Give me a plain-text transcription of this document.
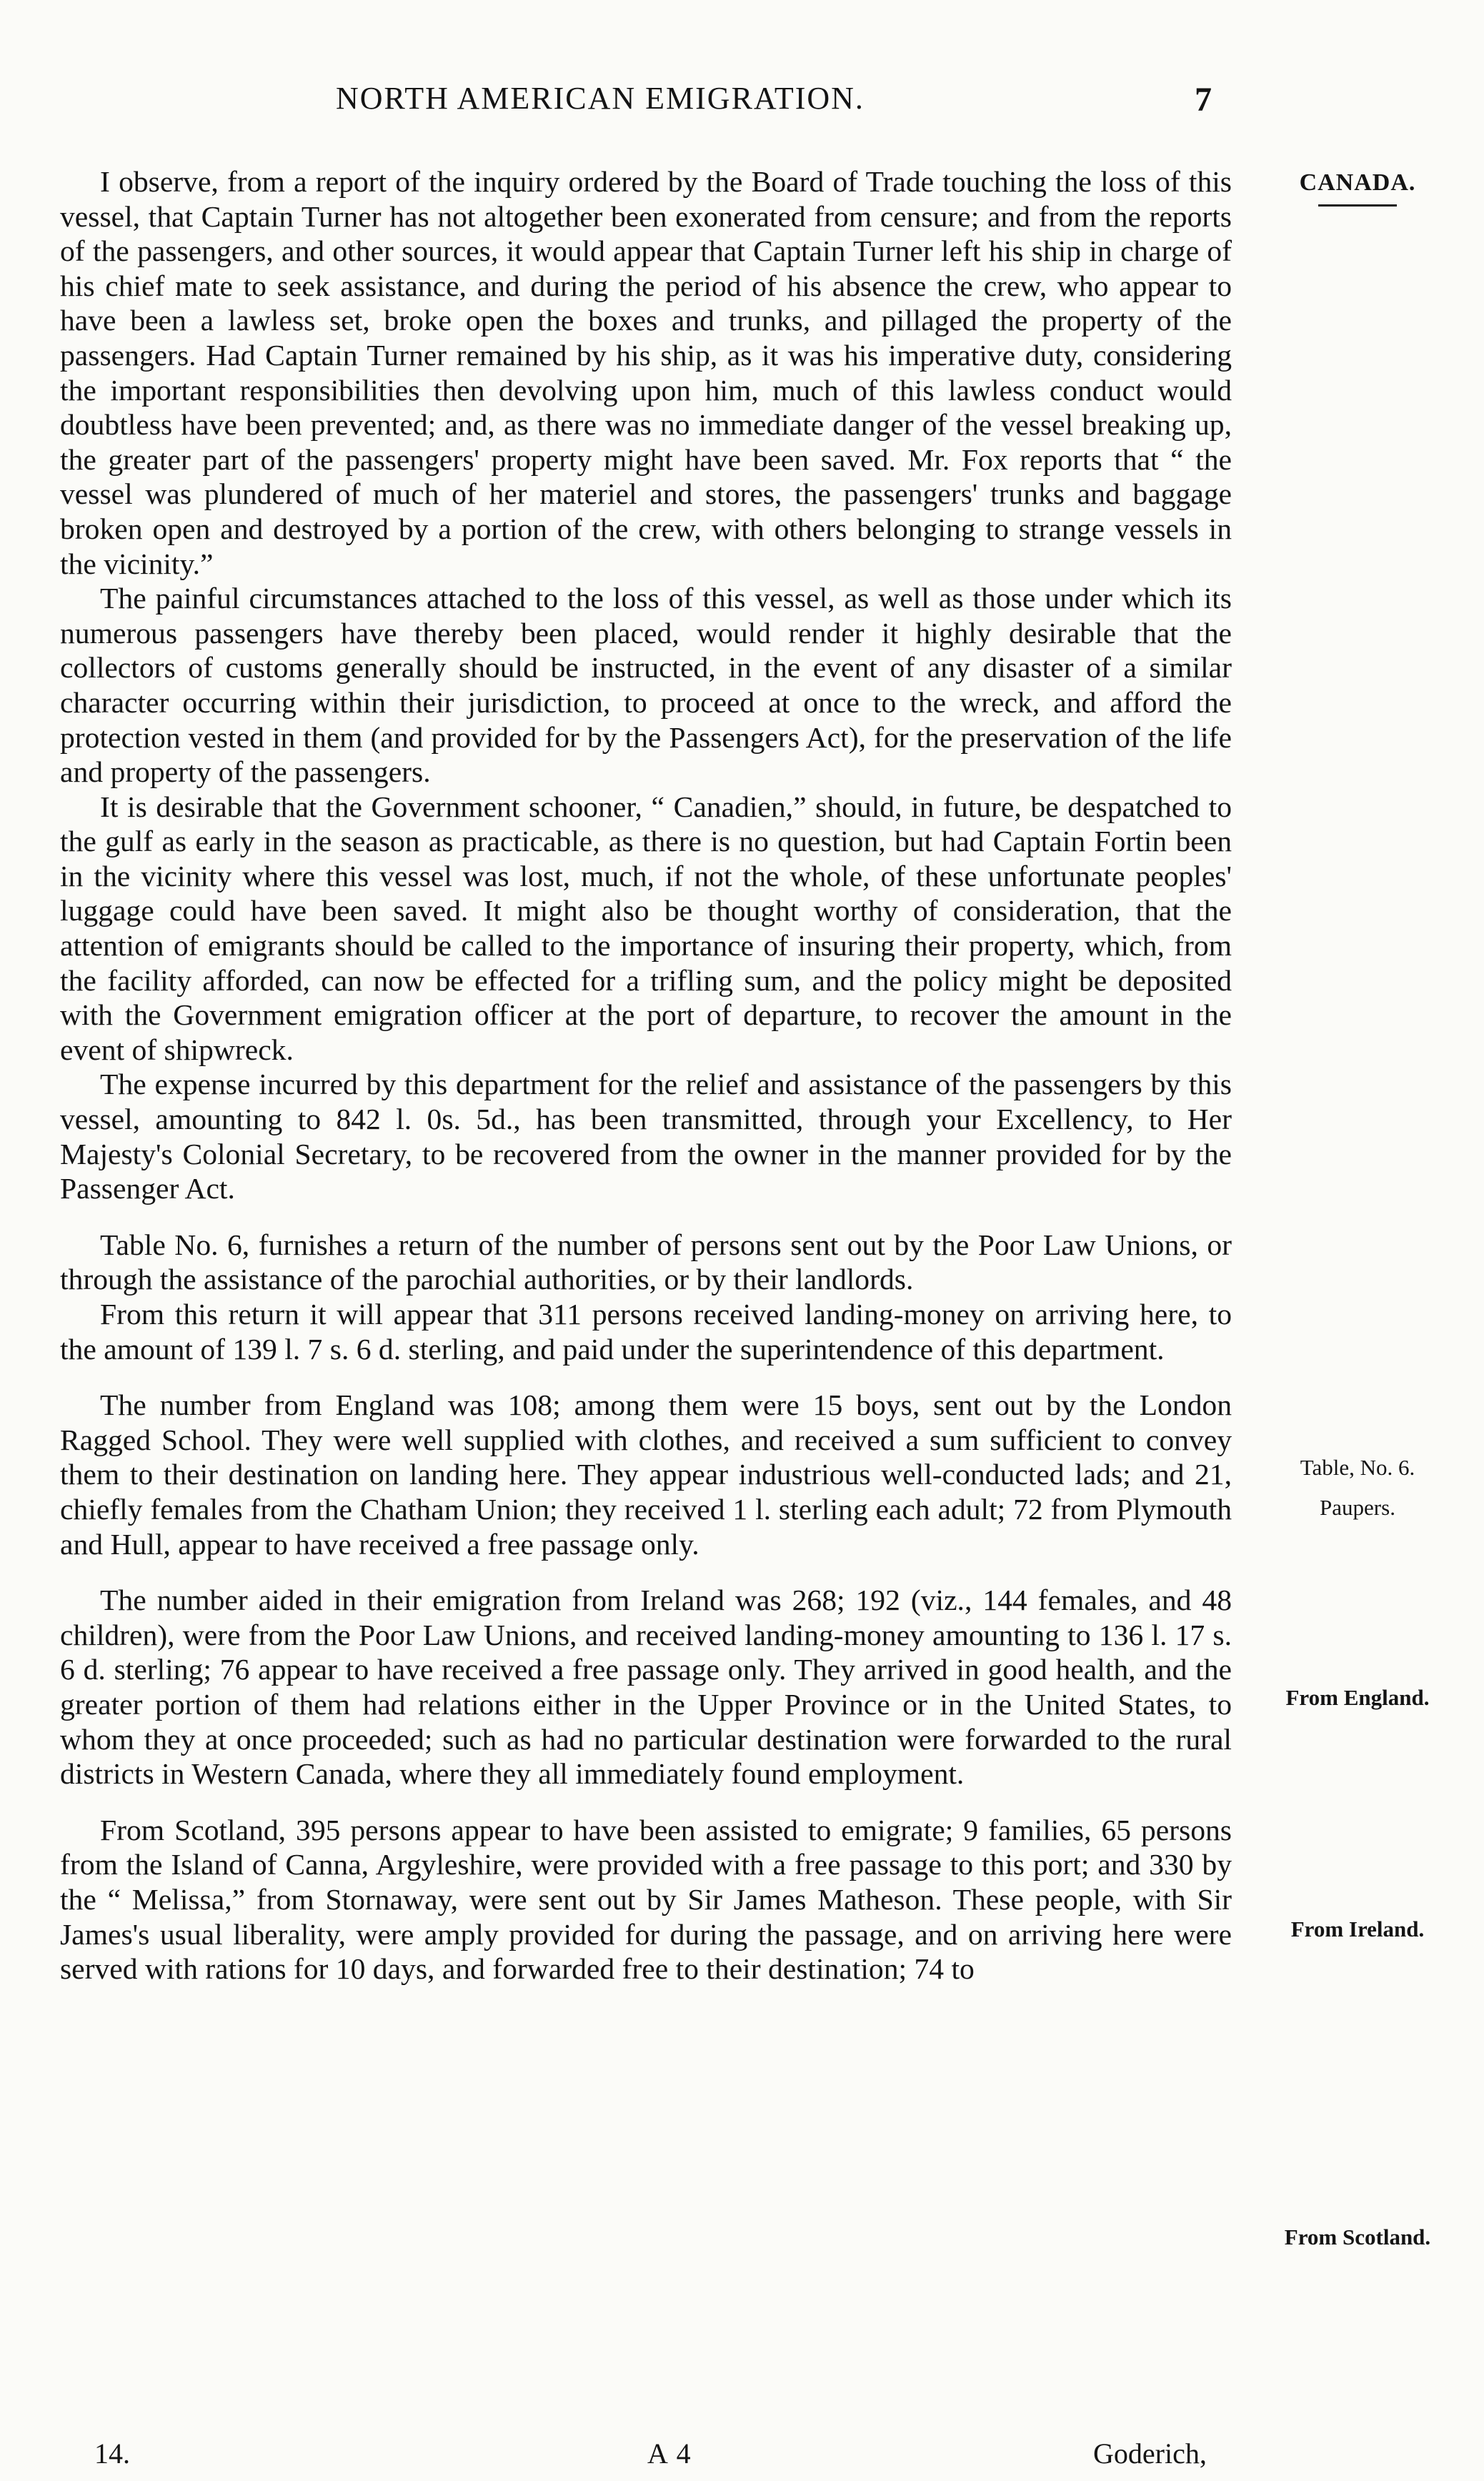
NORTH AMERICAN EMIGRATION.	7
CANADA.
Table, No. 6.
Paupers.
From England.
From Ireland.
From Scotland.

I observe, from a report of the inquiry ordered by the Board of Trade touching the loss of this vessel, that Captain Turner has not altogether been exonerated from censure; and from the reports of the passengers, and other sources, it would appear that Captain Turner left his ship in charge of his chief mate to seek assistance, and during the period of his absence the crew, who appear to have been a lawless set, broke open the boxes and trunks, and pillaged the property of the passengers. Had Captain Turner remained by his ship, as it was his imperative duty, considering the important responsibilities then devolving upon him, much of this lawless conduct would doubtless have been prevented; and, as there was no immediate danger of the vessel breaking up, the greater part of the passengers' property might have been saved. Mr. Fox reports that “ the vessel was plundered of much of her materiel and stores, the passengers' trunks and baggage broken open and destroyed by a portion of the crew, with others belonging to strange vessels in the vicinity.”

The painful circumstances attached to the loss of this vessel, as well as those under which its numerous passengers have thereby been placed, would render it highly desirable that the collectors of customs generally should be instructed, in the event of any disaster of a similar character occurring within their jurisdiction, to proceed at once to the wreck, and afford the protection vested in them (and provided for by the Passengers Act), for the preservation of the life and property of the passengers.

It is desirable that the Government schooner, “ Canadien,” should, in future, be despatched to the gulf as early in the season as practicable, as there is no question, but had Captain Fortin been in the vicinity where this vessel was lost, much, if not the whole, of these unfortunate peoples' luggage could have been saved. It might also be thought worthy of consideration, that the attention of emigrants should be called to the importance of insuring their property, which, from the facility afforded, can now be effected for a trifling sum, and the policy might be deposited with the Government emigration officer at the port of departure, to recover the amount in the event of shipwreck.

The expense incurred by this department for the relief and assistance of the passengers by this vessel, amounting to 842 l. 0s. 5d., has been transmitted, through your Excellency, to Her Majesty's Colonial Secretary, to be recovered from the owner in the manner provided for by the Passenger Act.

Table No. 6, furnishes a return of the number of persons sent out by the Poor Law Unions, or through the assistance of the parochial authorities, or by their landlords.

From this return it will appear that 311 persons received landing-money on arriving here, to the amount of 139 l. 7 s. 6 d. sterling, and paid under the superintendence of this department.

The number from England was 108; among them were 15 boys, sent out by the London Ragged School. They were well supplied with clothes, and received a sum sufficient to convey them to their destination on landing here. They appear industrious well-conducted lads; and 21, chiefly females from the Chatham Union; they received 1 l. sterling each adult; 72 from Plymouth and Hull, appear to have received a free passage only.

The number aided in their emigration from Ireland was 268; 192 (viz., 144 females, and 48 children), were from the Poor Law Unions, and received landing-money amounting to 136 l. 17 s. 6 d. sterling; 76 appear to have received a free passage only. They arrived in good health, and the greater portion of them had relations either in the Upper Province or in the United States, to whom they at once proceeded; such as had no particular destination were forwarded to the rural districts in Western Canada, where they all immediately found employment.

From Scotland, 395 persons appear to have been assisted to emigrate; 9 families, 65 persons from the Island of Canna, Argyleshire, were provided with a free passage to this port; and 330 by the “ Melissa,” from Stornaway, were sent out by Sir James Matheson. These people, with Sir James's usual liberality, were amply provided for during the passage, and on arriving here were served with rations for 10 days, and forwarded free to their destination; 74 to

14.	A 4	Goderich,
